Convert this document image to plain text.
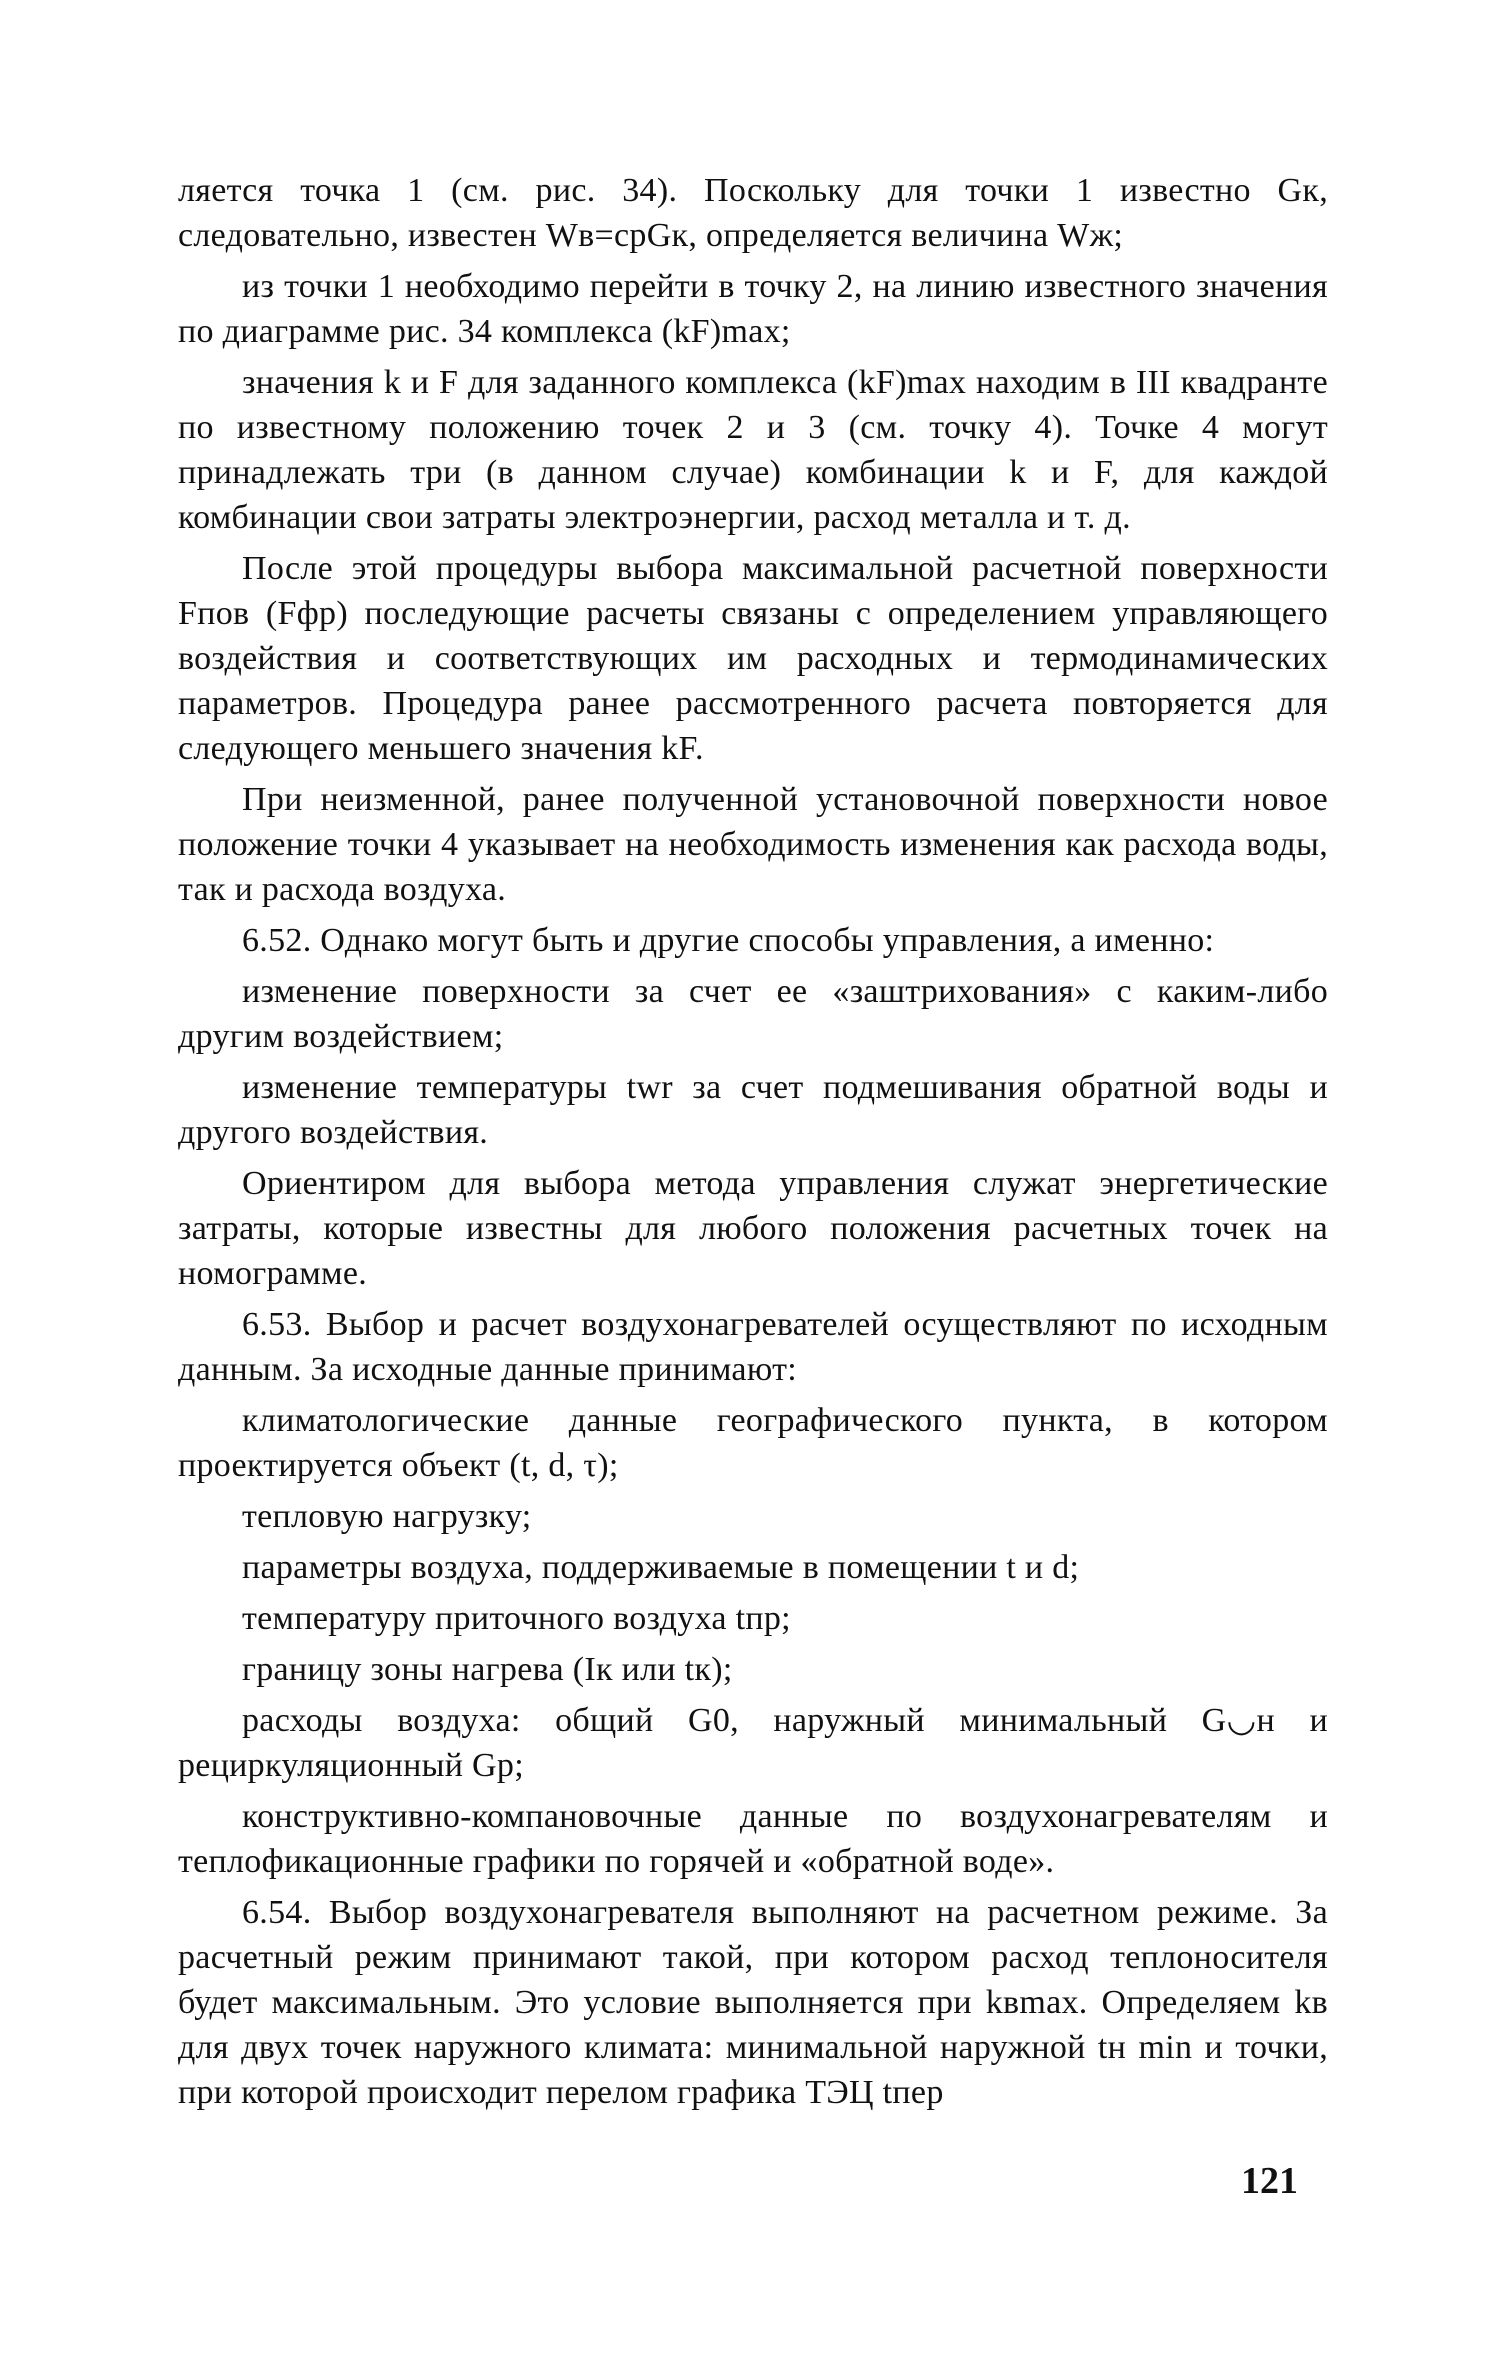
ляется точка 1 (см. рис. 34). Поскольку для точки 1 известно Gк, следовательно, известен Wв=cрGк, определяется величина Wж;

из точки 1 необходимо перейти в точку 2, на линию известного значения по диаграмме рис. 34 комплекса (kF)max;

значения k и F для заданного комплекса (kF)max находим в III квадранте по известному положению точек 2 и 3 (см. точку 4). Точке 4 могут принадлежать три (в данном случае) комбинации k и F, для каждой комбинации свои затраты электроэнергии, расход металла и т. д.

После этой процедуры выбора максимальной расчетной поверхности Fпов (Fфр) последующие расчеты связаны с определением управляющего воздействия и соответствующих им расходных и термодинамических параметров. Процедура ранее рассмотренного расчета повторяется для следующего меньшего значения kF.

При неизменной, ранее полученной установочной поверхности новое положение точки 4 указывает на необходимость изменения как расхода воды, так и расхода воздуха.

6.52. Однако могут быть и другие способы управления, а именно:

изменение поверхности за счет ее «заштрихования» с каким-либо другим воздействием;

изменение температуры twr за счет подмешивания обратной воды и другого воздействия.

Ориентиром для выбора метода управления служат энергетические затраты, которые известны для любого положения расчетных точек на номограмме.

6.53. Выбор и расчет воздухонагревателей осуществляют по исходным данным. За исходные данные принимают:

климатологические данные географического пункта, в котором проектируется объект (t, d, τ);

тепловую нагрузку;

параметры воздуха, поддерживаемые в помещении t и d;

температуру приточного воздуха tпр;

границу зоны нагрева (Iк или tк);

расходы воздуха: общий G0, наружный минимальный G◡н и рециркуляционный Gр;

конструктивно-компановочные данные по воздухонагревателям и теплофикационные графики по горячей и «обратной воде».

6.54. Выбор воздухонагревателя выполняют на расчетном режиме. За расчетный режим принимают такой, при котором расход теплоносителя будет максимальным. Это условие выполняется при kвmax. Определяем kв для двух точек наружного климата: минимальной наружной tн min и точки, при которой происходит перелом графика ТЭЦ tпер

121
